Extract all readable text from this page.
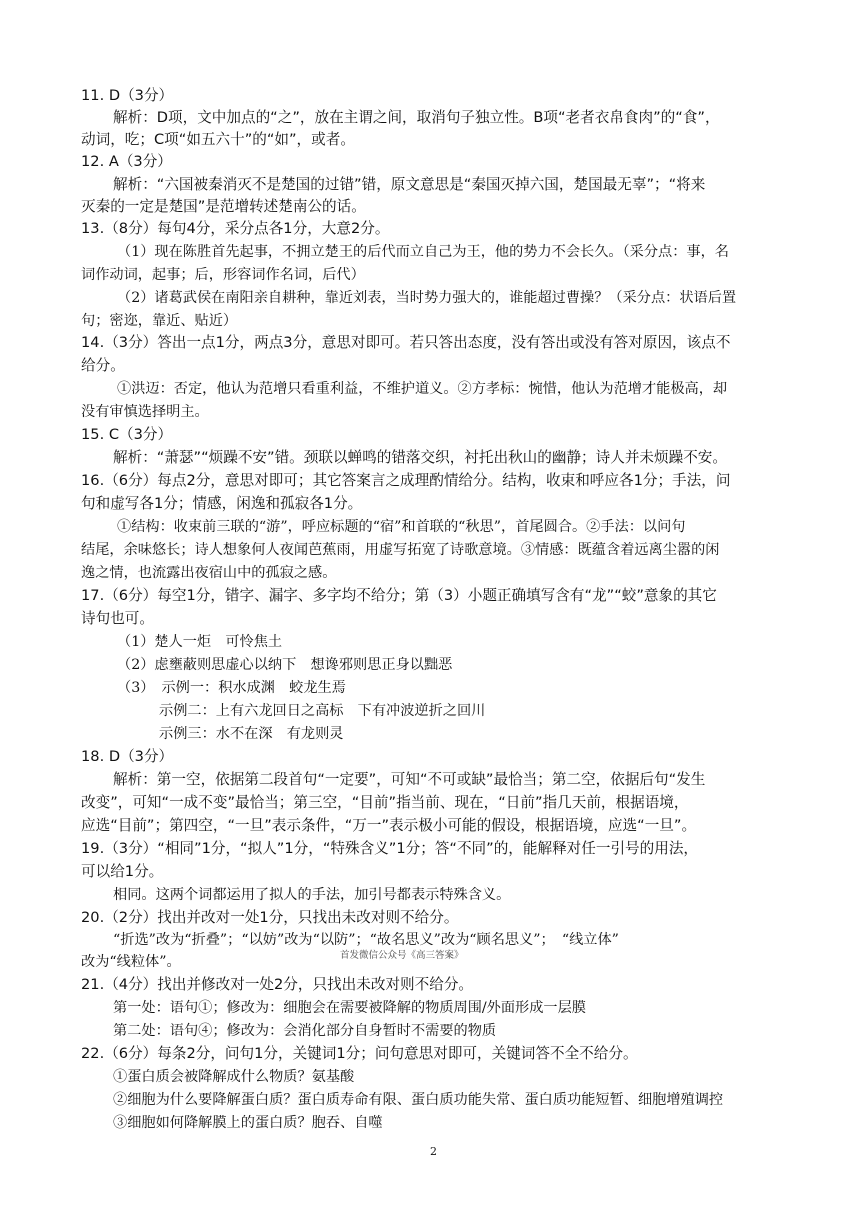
11. D（3分）
解析：D项，文中加点的“之”，放在主谓之间，取消句子独立性。B项“老者衣帛食肉”的“食”，
动词，吃；C项“如五六十”的“如”，或者。
12. A（3分）
解析：“六国被秦消灭不是楚国的过错”错，原文意思是“秦国灭掉六国，楚国最无辜”；“将来
灭秦的一定是楚国”是范增转述楚南公的话。
13.（8分）每句4分，采分点各1分，大意2分。
（1）现在陈胜首先起事，不拥立楚王的后代而立自己为王，他的势力不会长久。（采分点：事，名
词作动词，起事；后，形容词作名词，后代）
（2）诸葛武侯在南阳亲自耕种，靠近刘表，当时势力强大的，谁能超过曹操？（采分点：状语后置
句；密迩，靠近、贴近）
14.（3分）答出一点1分，两点3分，意思对即可。若只答出态度，没有答出或没有答对原因，该点不
给分。
①洪迈：否定，他认为范增只看重利益，不维护道义。②方孝标：惋惜，他认为范增才能极高，却
没有审慎选择明主。
15. C（3分）
解析：“萧瑟”“烦躁不安”错。颈联以蝉鸣的错落交织，衬托出秋山的幽静；诗人并未烦躁不安。
16.（6分）每点2分，意思对即可；其它答案言之成理酌情给分。结构，收束和呼应各1分；手法，问
句和虚写各1分；情感，闲逸和孤寂各1分。
①结构：收束前三联的“游”，呼应标题的“宿”和首联的“秋思”，首尾圆合。②手法：以问句
结尾，余味悠长；诗人想象何人夜闻芭蕉雨，用虚写拓宽了诗歌意境。③情感：既蕴含着远离尘嚣的闲
逸之情，也流露出夜宿山中的孤寂之感。
17.（6分）每空1分，错字、漏字、多字均不给分；第（3）小题正确填写含有“龙”“蛟”意象的其它
诗句也可。
（1）楚人一炬　可怜焦土
（2）虑壅蔽则思虚心以纳下　想谗邪则思正身以黜恶
（3）　示例一：积水成渊　蛟龙生焉
示例二：上有六龙回日之高标　下有冲波逆折之回川
示例三：水不在深　有龙则灵
18. D（3分）
解析：第一空，依据第二段首句“一定要”，可知“不可或缺”最恰当；第二空，依据后句“发生
改变”，可知“一成不变”最恰当；第三空，“目前”指当前、现在，“日前”指几天前，根据语境，
应选“目前”；第四空，“一旦”表示条件，“万一”表示极小可能的假设，根据语境，应选“一旦”。
19.（3分）“相同”1分，“拟人”1分，“特殊含义”1分；答“不同”的，能解释对任一引号的用法，
可以给1分。
相同。这两个词都运用了拟人的手法，加引号都表示特殊含义。
20.（2分）找出并改对一处1分，只找出未改对则不给分。
“折选”改为“折叠”；“以妨”改为“以防”；“故名思义”改为“顾名思义”；　“线立体”
改为“线粒体”。	首发微信公众号《高三答案》
21.（4分）找出并修改对一处2分，只找出未改对则不给分。
第一处：语句①；修改为：细胞会在需要被降解的物质周围/外面形成一层膜
第二处：语句④；修改为：会消化部分自身暂时不需要的物质
22.（6分）每条2分，问句1分，关键词1分；问句意思对即可，关键词答不全不给分。
①蛋白质会被降解成什么物质？氨基酸
②细胞为什么要降解蛋白质？蛋白质寿命有限、蛋白质功能失常、蛋白质功能短暂、细胞增殖调控
③细胞如何降解膜上的蛋白质？胞吞、自噬
2
